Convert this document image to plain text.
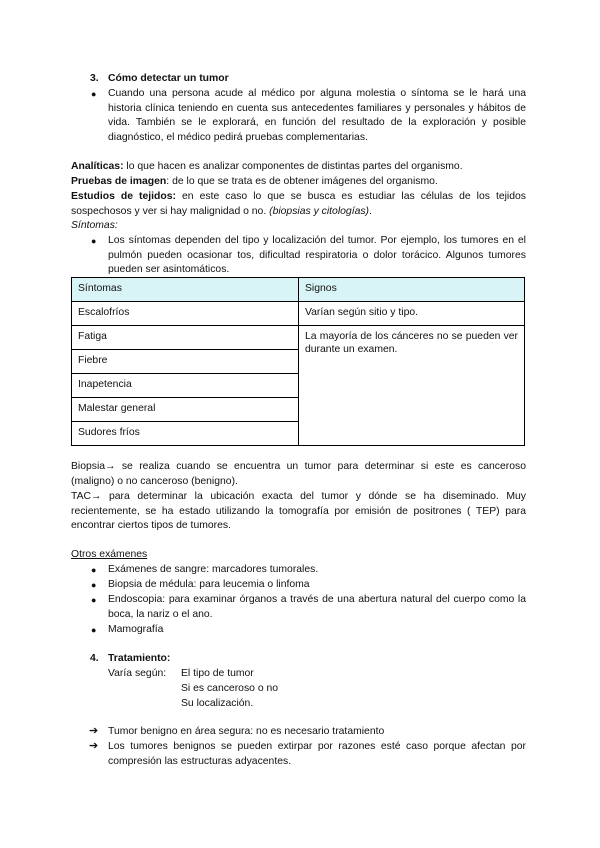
3. Cómo detectar un tumor
●	Cuando una persona acude al médico por alguna molestia o síntoma se le hará una historia clínica teniendo en cuenta sus antecedentes familiares y personales y hábitos de vida. También se le explorará, en función del resultado de la exploración y posible diagnóstico, el médico pedirá pruebas complementarias.
Analíticas: lo que hacen es analizar componentes de distintas partes del organismo.
Pruebas de imagen: de lo que se trata es de obtener imágenes del organismo.
Estudios de tejidos: en este caso lo que se busca es estudiar las células de los tejidos sospechosos y ver si hay malignidad o no. (biopsias y citologías).
Síntomas:
●	Los síntomas dependen del tipo y localización del tumor. Por ejemplo, los tumores en el pulmón pueden ocasionar tos, dificultad respiratoria o dolor torácico. Algunos tumores pueden ser asintomáticos.
Síntomas	Signos
Escalofríos	Varían según sitio y tipo.
Fatiga	La mayoría de los cánceres no se pueden ver durante un examen.
Fiebre	
Inapetencia	
Malestar general	
Sudores fríos	
Biopsia→ se realiza cuando se encuentra un tumor para determinar si este es canceroso (maligno) o no canceroso (benigno).
TAC→ para determinar la ubicación exacta del tumor y dónde se ha diseminado. Muy recientemente, se ha estado utilizando la tomografía por emisión de positrones ( TEP) para encontrar ciertos tipos de tumores.
Otros exámenes
●	Exámenes de sangre: marcadores tumorales.
●	Biopsia de médula: para leucemia o linfoma
●	Endoscopia: para examinar órganos a través de una abertura natural del cuerpo como la boca, la nariz o el ano.
●	Mamografía
4. Tratamiento:
Varía según: El tipo de tumor
Si es canceroso o no
Su localización.
➔ Tumor benigno en área segura: no es necesario tratamiento
➔ Los tumores benignos se pueden extirpar por razones esté caso porque afectan por compresión las estructuras adyacentes.
